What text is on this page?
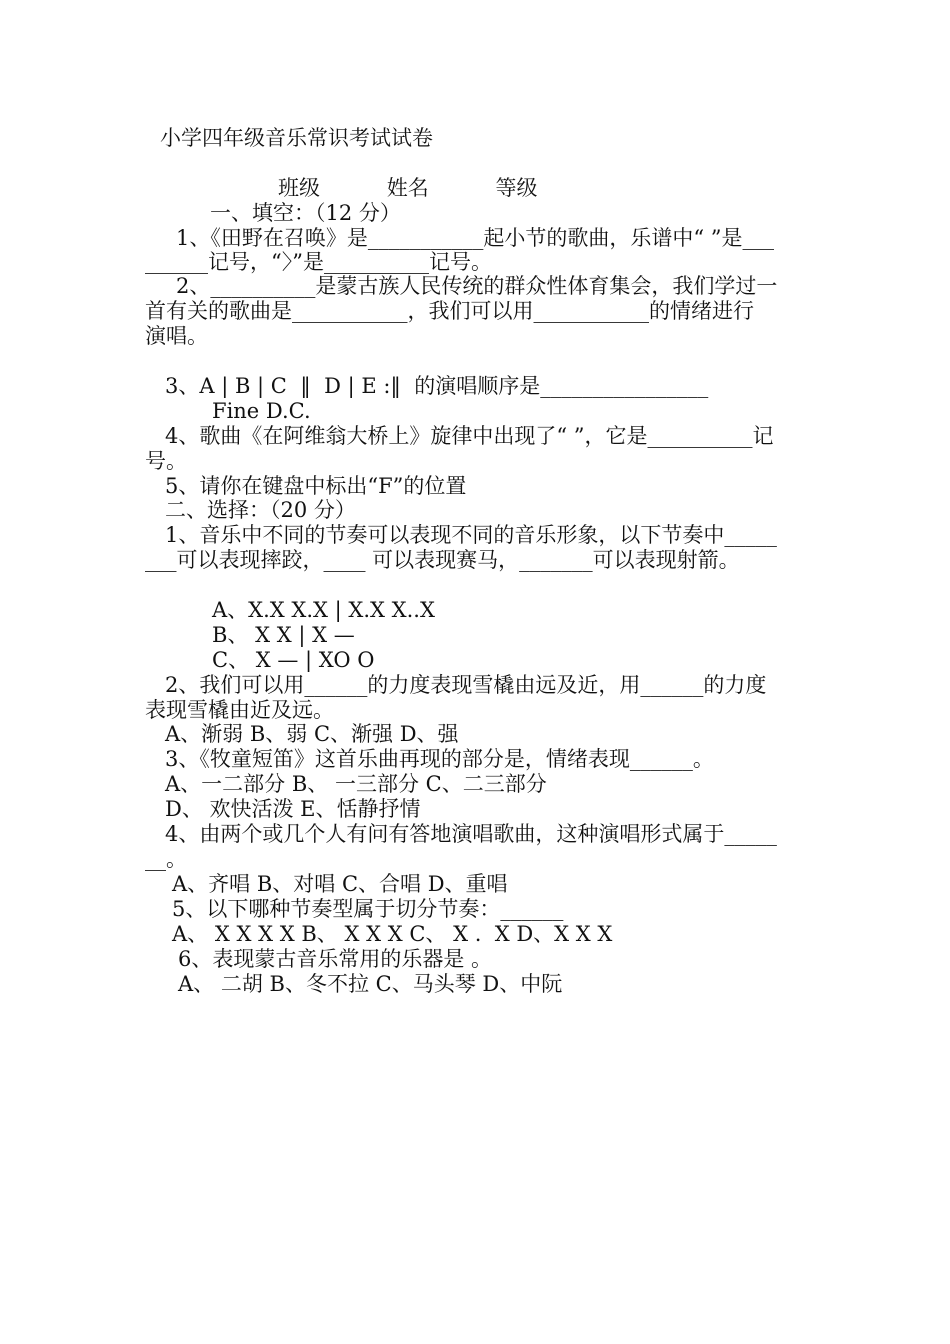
小学四年级音乐常识考试试卷
班级          姓名          等级
一、填空：（12 分）
1、《田野在召唤》是___________起小节的歌曲，乐谱中“ ”是___
______记号，“〉”是__________记号。
2、__________是蒙古族人民传统的群众性体育集会，我们学过一
首有关的歌曲是___________，我们可以用___________的情绪进行
演唱。
3、A | B | C  ‖  D | E :‖  的演唱顺序是________________
Fine D.C.
4、歌曲《在阿维翁大桥上》旋律中出现了“ ”，它是__________记
号。
5、请你在键盘中标出“F”的位置
二、选择：（20 分）
1、音乐中不同的节奏可以表现不同的音乐形象，以下节奏中_____
___可以表现摔跤，____ 可以表现赛马，_______可以表现射箭。
A、X.X X.X | X.X X..X
B、 X X | X —
C、 X — | XO O
2、我们可以用______的力度表现雪橇由远及近，用______的力度
表现雪橇由近及远。
A、渐弱 B、弱 C、渐强 D、强
3、《牧童短笛》这首乐曲再现的部分是，情绪表现______。
A、一二部分 B、 一三部分 C、二三部分
D、 欢快活泼 E、恬静抒情
4、由两个或几个人有问有答地演唱歌曲，这种演唱形式属于_____
__。
A、齐唱 B、对唱 C、合唱 D、重唱
5、以下哪种节奏型属于切分节奏：______
A、 X X X X B、 X X X C、 X .  X D、X X X
6、表现蒙古音乐常用的乐器是 。
A、 二胡 B、冬不拉 C、马头琴 D、中阮
